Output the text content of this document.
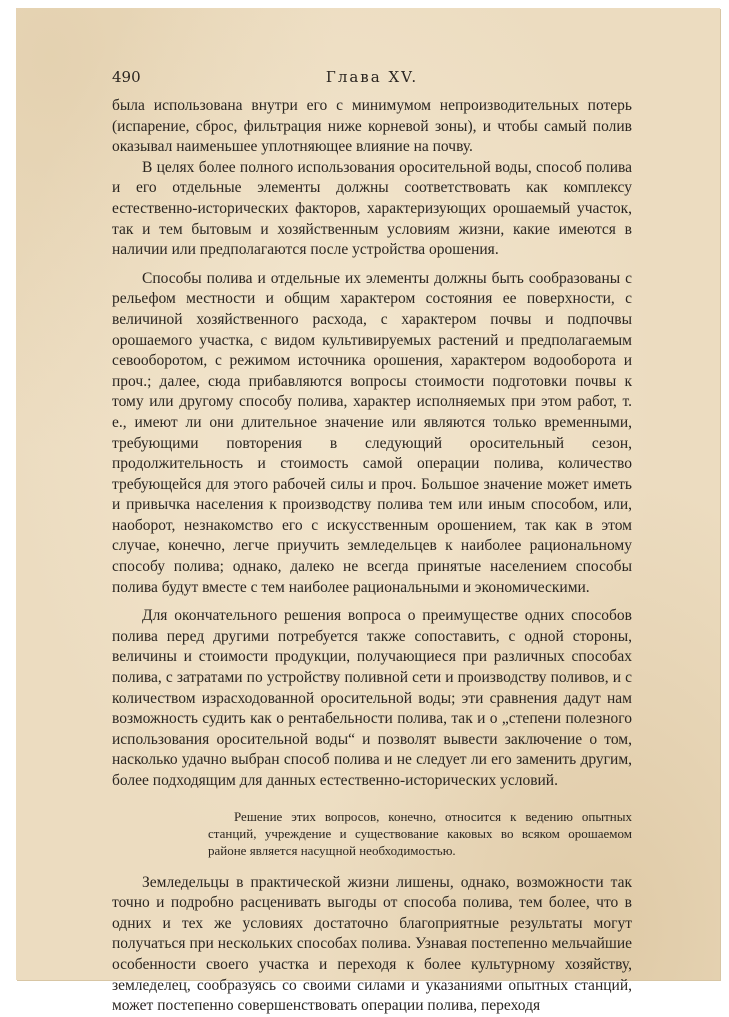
490	Глава XV.

была использована внутри его с минимумом непроизводительных потерь (испарение, сброс, фильтрация ниже корневой зоны), и чтобы самый полив оказывал наименьшее уплотняющее влияние на почву.

В целях более полного использования оросительной воды, способ полива и его отдельные элементы должны соответствовать как комплексу естественно-исторических факторов, характеризующих орошаемый участок, так и тем бытовым и хозяйственным условиям жизни, какие имеются в наличии или предполагаются после устройства орошения.

Способы полива и отдельные их элементы должны быть сообразованы с рельефом местности и общим характером состояния ее поверхности, с величиной хозяйственного расхода, с характером почвы и подпочвы орошаемого участка, с видом культивируемых растений и предполагаемым севооборотом, с режимом источника орошения, характером водооборота и проч.; далее, сюда прибавляются вопросы стоимости подготовки почвы к тому или другому способу полива, характер исполняемых при этом работ, т. е., имеют ли они длительное значение или являются только временными, требующими повторения в следующий оросительный сезон, продолжительность и стоимость самой операции полива, количество требующейся для этого рабочей силы и проч. Большое значение может иметь и привычка населения к производству полива тем или иным способом, или, наоборот, незнакомство его с искусственным орошением, так как в этом случае, конечно, легче приучить земледельцев к наиболее рациональному способу полива; однако, далеко не всегда принятые населением способы полива будут вместе с тем наиболее рациональными и экономическими.

Для окончательного решения вопроса о преимуществе одних способов полива перед другими потребуется также сопоставить, с одной стороны, величины и стоимости продукции, получающиеся при различных способах полива, с затратами по устройству поливной сети и производству поливов, и с количеством израсходованной оросительной воды; эти сравнения дадут нам возможность судить как о рентабельности полива, так и о „степени полезного использования оросительной воды“ и позволят вывести заключение о том, насколько удачно выбран способ полива и не следует ли его заменить другим, более подходящим для данных естественно-исторических условий.

Решение этих вопросов, конечно, относится к ведению опытных станций, учреждение и существование каковых во всяком орошаемом районе является насущной необходимостью.

Земледельцы в практической жизни лишены, однако, возможности так точно и подробно расценивать выгоды от способа полива, тем более, что в одних и тех же условиях достаточно благоприятные результаты могут получаться при нескольких способах полива. Узнавая постепенно мельчайшие особенности своего участка и переходя к более культурному хозяйству, земледелец, сообразуясь со своими силами и указаниями опытных станций, может постепенно совершенствовать операции полива, переходя
